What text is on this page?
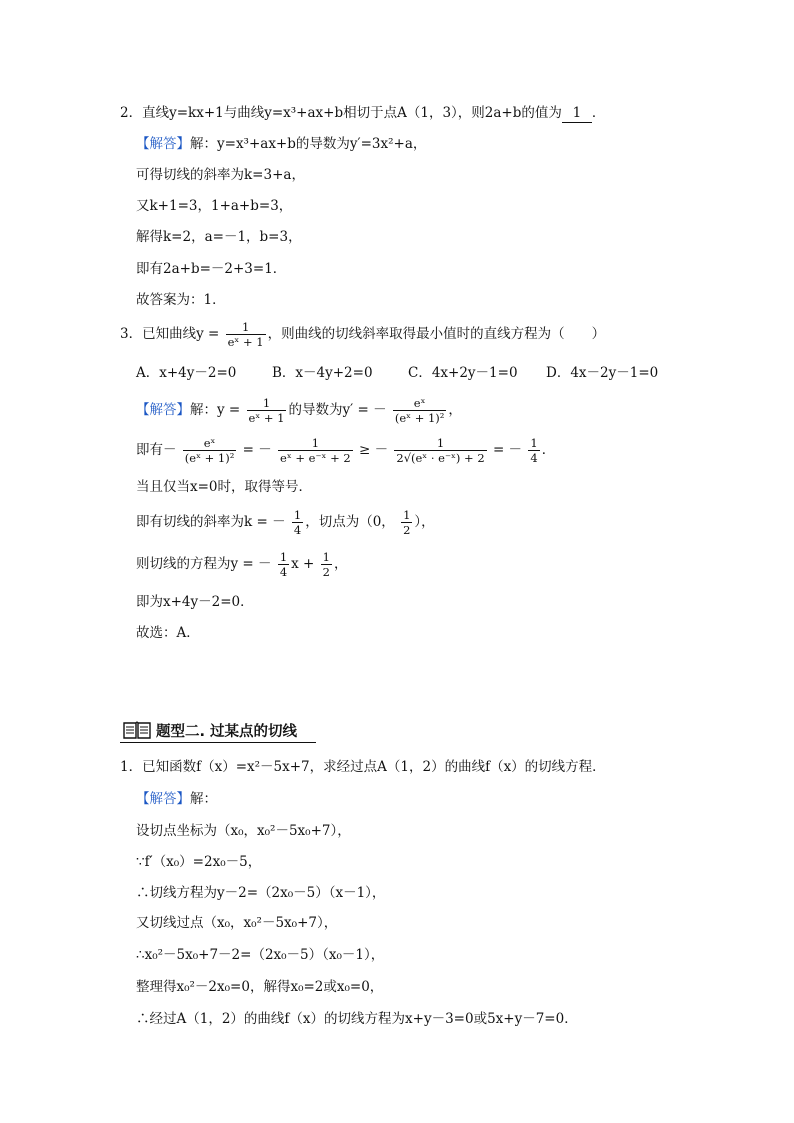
2．直线y=kx+1与曲线y=x³+ax+b相切于点A（1，3），则2a+b的值为 1 ．
【解答】解：y=x³+ax+b的导数为y′=3x²+a，
可得切线的斜率为k=3+a，
又k+1=3，1+a+b=3，
解得k=2，a=－1，b=3，
即有2a+b=－2+3=1．
故答案为：1．
3．已知曲线$y = \frac{1}{\text{eˣ + 1}}$ ，则曲线的切线斜率取得最小值时的直线方程为（　　）
A．x+4y－2=0	B．x－4y+2=0	C．4x+2y－1=0 D．4x－2y－1=0
【解答】解：$y = \frac{1}{\text{eˣ + 1}}$ 的导数为y′ = － $\frac{\text{eˣ}}{\text{(eˣ + 1)²}}$ ，
即有－ $\frac{\text{eˣ}}{\text{(eˣ + 1)²}}$ = － $\frac{1}{\text{eˣ + e⁻ˣ + 2}}$ ≥ － $\frac{1}{\text{2√(eˣ · e⁻ˣ) + 2}}$ = － $\frac{1}{4}$ ．
当且仅当x=0时，取得等号．
即有切线的斜率为k = － $\frac{1}{4}$ ，切点为（0， $\frac{1}{2}$ ），
则切线的方程为y = － $\frac{1}{4}$ $x + \frac{1}{2}$ ，
即为x+4y－2=0．
故选：A．
题型二. 过某点的切线
1．已知函数f（x）=x²－5x+7，求经过点A（1，2）的曲线f（x）的切线方程．
【解答】解：
设切点坐标为（x₀，x₀²－5x₀+7），
∵f′（x₀）=2x₀－5，
∴切线方程为y－2=（2x₀－5）（x－1），
又切线过点（x₀，x₀²－5x₀+7），
∴x₀²－5x₀+7－2=（2x₀－5）（x₀－1），
整理得x₀²－2x₀=0，解得x₀=2或x₀=0，
∴经过A（1，2）的曲线f（x）的切线方程为x+y－3=0或5x+y－7=0．
